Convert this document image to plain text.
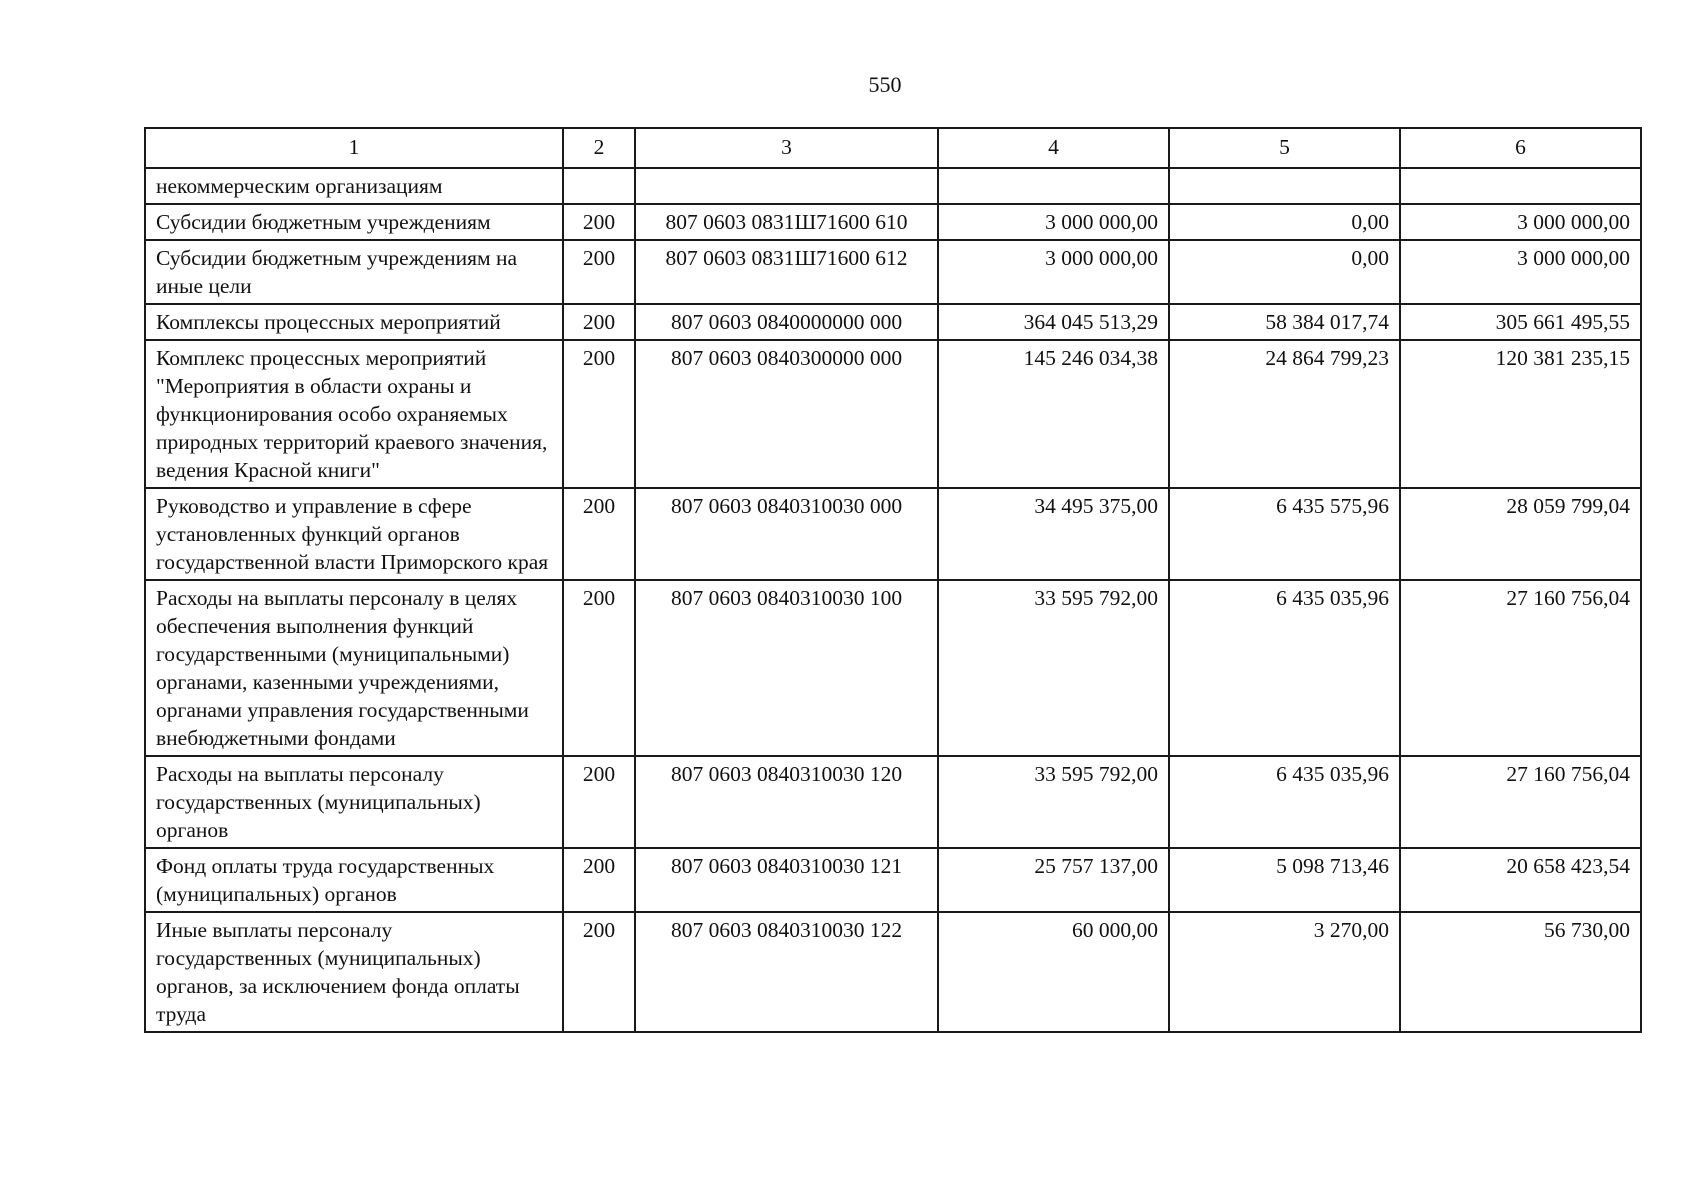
550
1	2	3	4	5	6
некоммерческим организациям					
Субсидии бюджетным учреждениям	200	807 0603 0831Ш71600 610	3 000 000,00	0,00	3 000 000,00
Субсидии бюджетным учреждениям на иные цели	200	807 0603 0831Ш71600 612	3 000 000,00	0,00	3 000 000,00
Комплексы процессных мероприятий	200	807 0603 0840000000 000	364 045 513,29	58 384 017,74	305 661 495,55
Комплекс процессных мероприятий "Мероприятия в области охраны и функционирования особо охраняемых природных территорий краевого значения, ведения Красной книги"	200	807 0603 0840300000 000	145 246 034,38	24 864 799,23	120 381 235,15
Руководство и управление в сфере установленных функций органов государственной власти Приморского края	200	807 0603 0840310030 000	34 495 375,00	6 435 575,96	28 059 799,04
Расходы на выплаты персоналу в целях обеспечения выполнения функций государственными (муниципальными) органами, казенными учреждениями, органами управления государственными внебюджетными фондами	200	807 0603 0840310030 100	33 595 792,00	6 435 035,96	27 160 756,04
Расходы на выплаты персоналу государственных (муниципальных) органов	200	807 0603 0840310030 120	33 595 792,00	6 435 035,96	27 160 756,04
Фонд оплаты труда государственных (муниципальных) органов	200	807 0603 0840310030 121	25 757 137,00	5 098 713,46	20 658 423,54
Иные выплаты персоналу государственных (муниципальных) органов, за исключением фонда оплаты труда	200	807 0603 0840310030 122	60 000,00	3 270,00	56 730,00
